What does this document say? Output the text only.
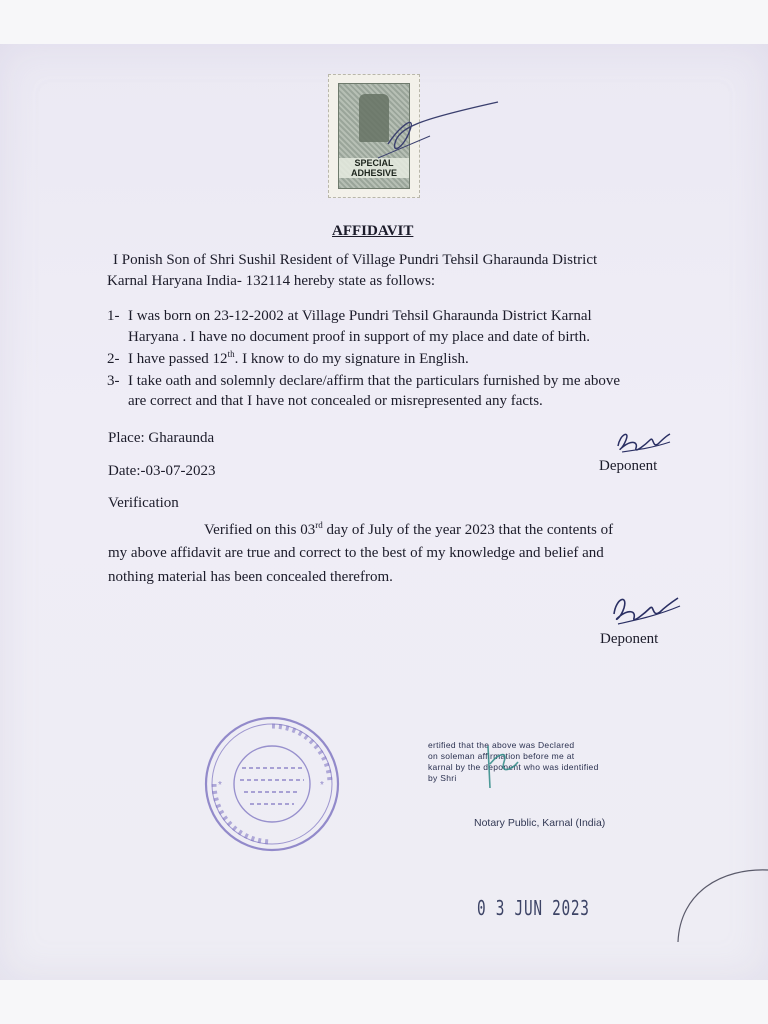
SPECIAL
ADHESIVE

AFFIDAVIT

I Ponish Son of Shri Sushil Resident of Village Pundri Tehsil Gharaunda District

Karnal Haryana India- 132114 hereby state as follows:

1- I was born on 23-12-2002 at Village Pundri Tehsil Gharaunda District Karnal

Haryana . I have no document proof in support of my place and date of birth.

2- I have passed 12th. I know to do my signature in English.

3- I take oath and solemnly declare/affirm that the particulars furnished by me above

are correct and that I have not concealed or misrepresented any facts.

Place: Gharaunda

Date:-03-07-2023	Deponent

Verification

Verified on this 03rd day of July of the year 2023 that the contents of

my above affidavit are true and correct to the best of my knowledge and belief and

nothing material has been concealed therefrom.

Deponent

*	*
ertified that the above was Declared
on soleman affirmation before me at
karnal by the deponent who was identified
by Shri

Notary Public, Karnal (India)

0 3 JUN 2023
